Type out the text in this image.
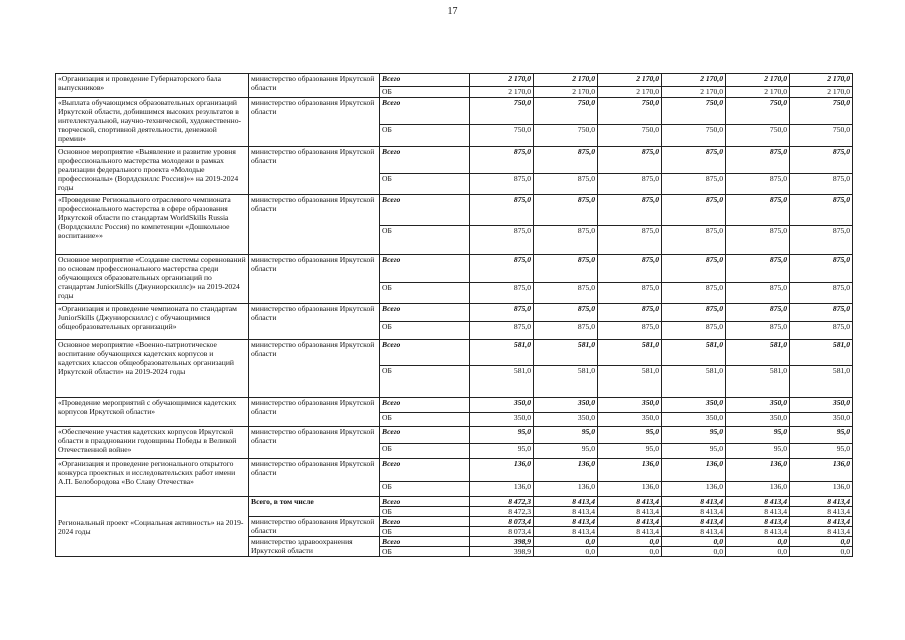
17
«Организация и проведение Губернаторского бала выпускников»	министерство образования Иркутской области	Всего	2 170,0	2 170,0	2 170,0	2 170,0	2 170,0	2 170,0
		ОБ	2 170,0	2 170,0	2 170,0	2 170,0	2 170,0	2 170,0
«Выплата обучающимся образовательных организаций Иркутской области, добившимся высоких результатов в интеллектуальной, научно-технической, художественно-творческой, спортивной деятельности, денежной премии»	министерство образования Иркутской области	Всего	750,0	750,0	750,0	750,0	750,0	750,0
		ОБ	750,0	750,0	750,0	750,0	750,0	750,0
Основное мероприятие «Выявление и развитие уровня профессионального мастерства молодежи в рамках реализации федерального проекта «Молодые профессионалы» (Ворлдскиллс Россия)»» на 2019-2024 годы	министерство образования Иркутской области	Всего	875,0	875,0	875,0	875,0	875,0	875,0
		ОБ	875,0	875,0	875,0	875,0	875,0	875,0
«Проведение Регионального отраслевого чемпионата профессионального мастерства в сфере образования Иркутской области по стандартам WorldSkills Russia (Ворлдскиллс Россия) по компетенции «Дошкольное воспитание»»	министерство образования Иркутской области	Всего	875,0	875,0	875,0	875,0	875,0	875,0
		ОБ	875,0	875,0	875,0	875,0	875,0	875,0
Основное мероприятие «Создание системы соревнований по основам профессионального мастерства среди обучающихся образовательных организаций по стандартам JuniorSkills (Джуниорскиллс)» на 2019-2024 годы	министерство образования Иркутской области	Всего	875,0	875,0	875,0	875,0	875,0	875,0
		ОБ	875,0	875,0	875,0	875,0	875,0	875,0
«Организация и проведение чемпионата по стандартам JuniorSkills (Джуниорскиллс) с обучающимися общеобразовательных организаций»	министерство образования Иркутской области	Всего	875,0	875,0	875,0	875,0	875,0	875,0
		ОБ	875,0	875,0	875,0	875,0	875,0	875,0
Основное мероприятие «Военно-патриотическое воспитание обучающихся кадетских корпусов и кадетских классов общеобразовательных организаций Иркутской области» на 2019-2024 годы	министерство образования Иркутской области	Всего	581,0	581,0	581,0	581,0	581,0	581,0
		ОБ	581,0	581,0	581,0	581,0	581,0	581,0
«Проведение мероприятий с обучающимися кадетских корпусов Иркутской области»	министерство образования Иркутской области	Всего	350,0	350,0	350,0	350,0	350,0	350,0
		ОБ	350,0	350,0	350,0	350,0	350,0	350,0
«Обеспечение участия кадетских корпусов Иркутской области в праздновании годовщины Победы в Великой Отечественной войне»	министерство образования Иркутской области	Всего	95,0	95,0	95,0	95,0	95,0	95,0
		ОБ	95,0	95,0	95,0	95,0	95,0	95,0
«Организация и проведение регионального открытого конкурса проектных и исследовательских работ имени А.П. Белобородова «Во Славу Отечества»	министерство образования Иркутской области	Всего	136,0	136,0	136,0	136,0	136,0	136,0
		ОБ	136,0	136,0	136,0	136,0	136,0	136,0
Региональный проект «Социальная активность» на 2019-2024 годы	Всего, в том числе	Всего	8 472,3	8 413,4	8 413,4	8 413,4	8 413,4	8 413,4
		ОБ	8 472,3	8 413,4	8 413,4	8 413,4	8 413,4	8 413,4
	министерство образования Иркутской области	Всего	8 073,4	8 413,4	8 413,4	8 413,4	8 413,4	8 413,4
		ОБ	8 073,4	8 413,4	8 413,4	8 413,4	8 413,4	8 413,4
	министерство здравоохранения Иркутской области	Всего	398,9	0,0	0,0	0,0	0,0	0,0
		ОБ	398,9	0,0	0,0	0,0	0,0	0,0
